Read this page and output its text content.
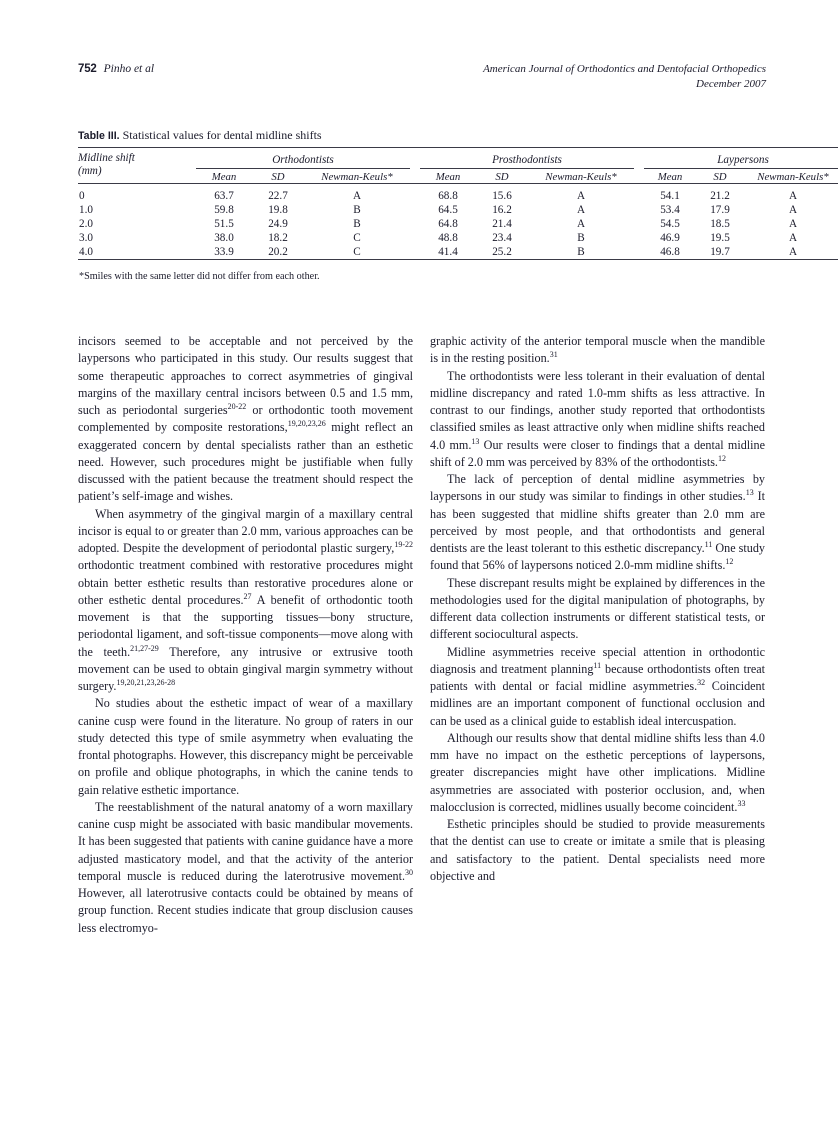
752 Pinho et al	American Journal of Orthodontics and Dentofacial Orthopedics
December 2007
Table III. Statistical values for dental midline shifts

Midline shift
(mm)	Orthodontists				Prosthodontists				Laypersons		
	Mean	SD	Newman-Keuls*		Mean	SD	Newman-Keuls*		Mean	SD	Newman-Keuls*

0	63.7	22.7	A		68.8	15.6	A		54.1	21.2	A
1.0	59.8	19.8	B		64.5	16.2	A		53.4	17.9	A
2.0	51.5	24.9	B		64.8	21.4	A		54.5	18.5	A
3.0	38.0	18.2	C		48.8	23.4	B		46.9	19.5	A
4.0	33.9	20.2	C		41.4	25.2	B		46.8	19.7	A

*Smiles with the same letter did not differ from each other.

incisors seemed to be acceptable and not perceived by the laypersons who participated in this study. Our results suggest that some therapeutic approaches to correct asymmetries of gingival margins of the maxillary central incisors between 0.5 and 1.5 mm, such as periodontal surgeries$^{20-22}$ or orthodontic tooth movement complemented by composite restorations,$^{19,20,23,26}$ might reflect an exaggerated concern by dental specialists rather than an esthetic need. However, such procedures might be justifiable when fully discussed with the patient because the treatment should respect the patient’s self-image and wishes.

When asymmetry of the gingival margin of a maxillary central incisor is equal to or greater than 2.0 mm, various approaches can be adopted. Despite the development of periodontal plastic surgery,$^{19-22}$ orthodontic treatment combined with restorative procedures might obtain better esthetic results than restorative procedures alone or other esthetic dental procedures.$^{27}$ A benefit of orthodontic tooth movement is that the supporting tissues—bony structure, periodontal ligament, and soft-tissue components—move along with the teeth.$^{21,27-29}$ Therefore, any intrusive or extrusive tooth movement can be used to obtain gingival margin symmetry without surgery.$^{19,20,21,23,26-28}$

No studies about the esthetic impact of wear of a maxillary canine cusp were found in the literature. No group of raters in our study detected this type of smile asymmetry when evaluating the frontal photographs. However, this discrepancy might be perceivable on profile and oblique photographs, in which the canine tends to gain relative esthetic importance.

The reestablishment of the natural anatomy of a worn maxillary canine cusp might be associated with basic mandibular movements. It has been suggested that patients with canine guidance have a more adjusted masticatory model, and that the activity of the anterior temporal muscle is reduced during the laterotrusive movement.$^{30}$ However, all laterotrusive contacts could be obtained by means of group function. Recent studies indicate that group disclusion causes less electromyo-

graphic activity of the anterior temporal muscle when the mandible is in the resting position.$^{31}$

The orthodontists were less tolerant in their evaluation of dental midline discrepancy and rated 1.0-mm shifts as less attractive. In contrast to our findings, another study reported that orthodontists classified smiles as least attractive only when midline shifts reached 4.0 mm.$^{13}$ Our results were closer to findings that a dental midline shift of 2.0 mm was perceived by 83% of the orthodontists.$^{12}$

The lack of perception of dental midline asymmetries by laypersons in our study was similar to findings in other studies.$^{13}$ It has been suggested that midline shifts greater than 2.0 mm are perceived by most people, and that orthodontists and general dentists are the least tolerant to this esthetic discrepancy.$^{11}$ One study found that 56% of laypersons noticed 2.0-mm midline shifts.$^{12}$

These discrepant results might be explained by differences in the methodologies used for the digital manipulation of photographs, by different data collection instruments or different statistical tests, or different sociocultural aspects.

Midline asymmetries receive special attention in orthodontic diagnosis and treatment planning$^{11}$ because orthodontists often treat patients with dental or facial midline asymmetries.$^{32}$ Coincident midlines are an important component of functional occlusion and can be used as a clinical guide to establish ideal intercuspation.

Although our results show that dental midline shifts less than 4.0 mm have no impact on the esthetic perceptions of laypersons, greater discrepancies might have other implications. Midline asymmetries are associated with posterior occlusion, and, when malocclusion is corrected, midlines usually become coincident.$^{33}$

Esthetic principles should be studied to provide measurements that the dentist can use to create or imitate a smile that is pleasing and satisfactory to the patient. Dental specialists need more objective and
